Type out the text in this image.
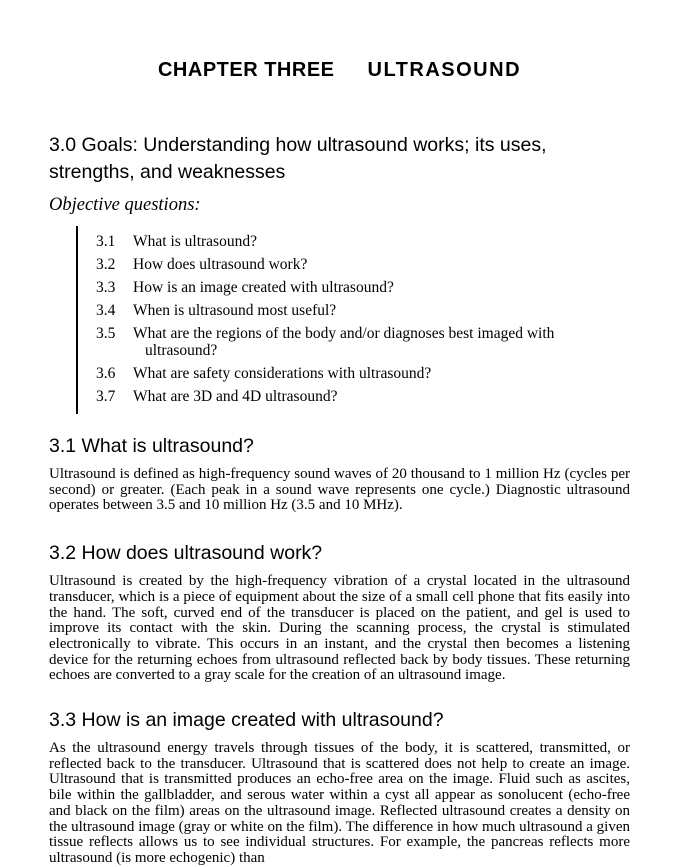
CHAPTER THREE ULTRASOUND
3.0 Goals: Understanding how ultrasound works; its uses, strengths, and weaknesses
Objective questions:
3.1	What is ultrasound?
3.2	How does ultrasound work?
3.3	How is an image created with ultrasound?
3.4	When is ultrasound most useful?
3.5	What are the regions of the body and/or diagnoses best imaged with ultrasound?
3.6	What are safety considerations with ultrasound?
3.7	What are 3D and 4D ultrasound?
3.1 What is ultrasound?

Ultrasound is defined as high-frequency sound waves of 20 thousand to 1 million Hz (cycles per second) or greater. (Each peak in a sound wave represents one cycle.) Diagnostic ultrasound operates between 3.5 and 10 million Hz (3.5 and 10 MHz).

3.2 How does ultrasound work?

Ultrasound is created by the high-frequency vibration of a crystal located in the ultrasound transducer, which is a piece of equipment about the size of a small cell phone that fits easily into the hand. The soft, curved end of the transducer is placed on the patient, and gel is used to improve its contact with the skin. During the scanning process, the crystal is stimulated electronically to vibrate. This occurs in an instant, and the crystal then becomes a listening device for the returning echoes from ultrasound reflected back by body tissues. These returning echoes are converted to a gray scale for the creation of an ultrasound image.

3.3 How is an image created with ultrasound?

As the ultrasound energy travels through tissues of the body, it is scattered, transmitted, or reflected back to the transducer. Ultrasound that is scattered does not help to create an image. Ultrasound that is transmitted produces an echo-free area on the image. Fluid such as ascites, bile within the gallbladder, and serous water within a cyst all appear as sonolucent (echo-free and black on the film) areas on the ultrasound image. Reflected ultrasound creates a density on the ultrasound image (gray or white on the film). The difference in how much ultrasound a given tissue reflects allows us to see individual structures. For example, the pancreas reflects more ultrasound (is more echogenic) than
